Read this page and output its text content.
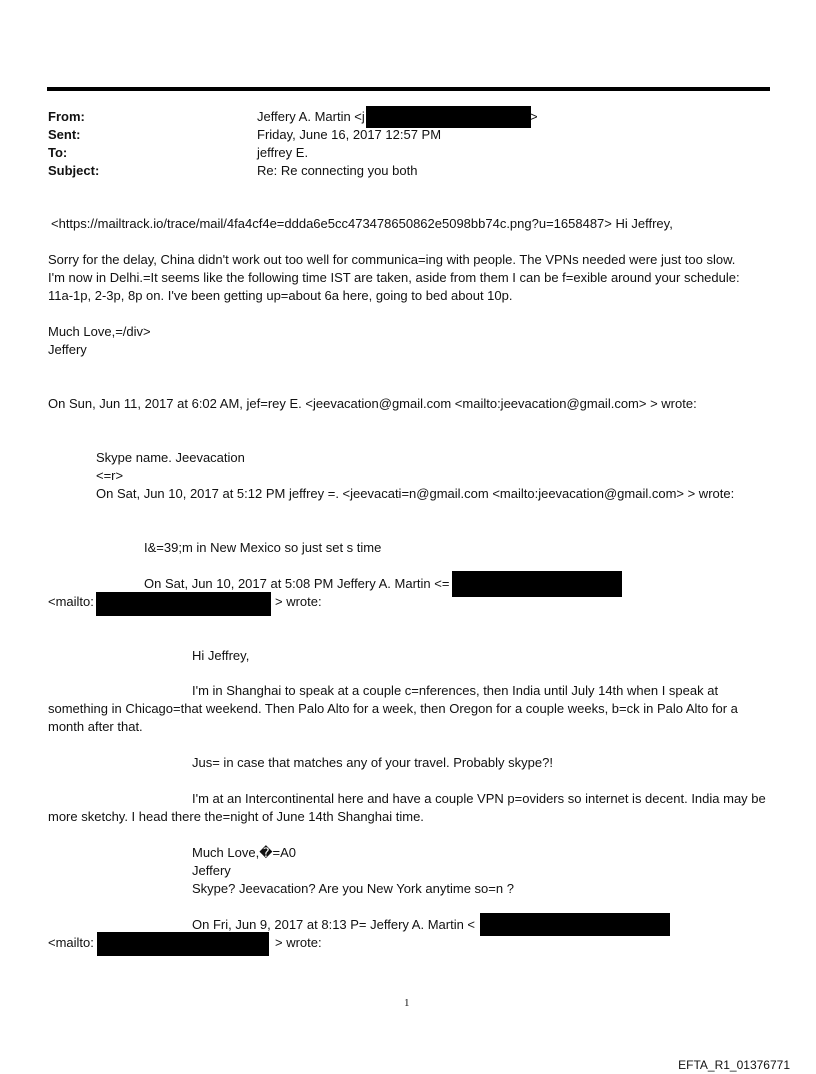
From:	Jeffery A. Martin <j	>
Sent:	Friday, June 16, 2017 12:57 PM
To:	jeffrey E.
Subject:	Re: Re connecting you both
<https://mailtrack.io/trace/mail/4fa4cf4e=ddda6e5cc473478650862e5098bb74c.png?u=1658487> Hi Jeffrey,
Sorry for the delay, China didn't work out too well for communica=ing with people. The VPNs needed were just too slow.
I'm now in Delhi.=It seems like the following time IST are taken, aside from them I can be f=exible around your schedule:
11a-1p, 2-3p, 8p on. I've been getting up=about 6a here, going to bed about 10p.
Much Love,=/div>
Jeffery
On Sun, Jun 11, 2017 at 6:02 AM, jef=rey E. <jeevacation@gmail.com <mailto:jeevacation@gmail.com> > wrote:
Skype name. Jeevacation
<=r>
On Sat, Jun 10, 2017 at 5:12 PM jeffrey =. <jeevacati=n@gmail.com <mailto:jeevacation@gmail.com> > wrote:
I&=39;m in New Mexico so just set s time
On Sat, Jun 10, 2017 at 5:08 PM Jeffery A. Martin <=
<mailto:	> wrote:
Hi Jeffrey,
I'm in Shanghai to speak at a couple c=nferences, then India until July 14th when I speak at something in Chicago=that weekend. Then Palo Alto for a week, then Oregon for a couple weeks, b=ck in Palo Alto for a month after that.
Jus= in case that matches any of your travel. Probably skype?!
I'm at an Intercontinental here and have a couple VPN p=oviders so internet is decent. India may be more sketchy. I head there the=night of June 14th Shanghai time.
Much Love,�=A0
Jeffery
Skype? Jeevacation? Are you New York anytime so=n ?
On Fri, Jun 9, 2017 at 8:13 P= Jeffery A. Martin <
<mailto:	> wrote:
1
EFTA_R1_01376771
